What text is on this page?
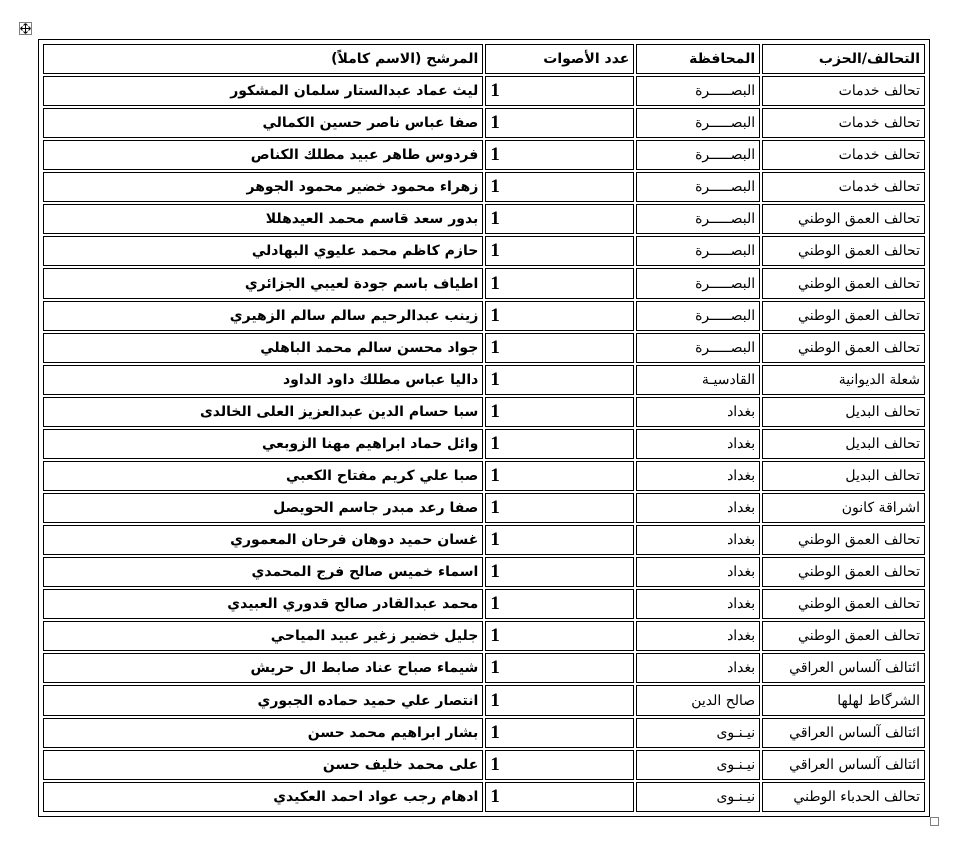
التحالف/الحزب	المحافظة	عدد الأصوات	المرشح (الاسم كاملاً)
تحالف خدمات	البصـــــرة	1	ليث عماد عبدالستار سلمان المشكور
تحالف خدمات	البصـــــرة	1	صفا عباس ناصر حسين الكمالي
تحالف خدمات	البصـــــرة	1	فردوس طاهر عبيد مطلك الكناص
تحالف خدمات	البصـــــرة	1	زهراء محمود خضير محمود الجوهر
تحالف العمق الوطني	البصـــــرة	1	بدور سعد قاسم محمد العيدهللا
تحالف العمق الوطني	البصـــــرة	1	حازم كاظم محمد عليوي البهادلي
تحالف العمق الوطني	البصـــــرة	1	اطياف باسم جودة لعيبي الجزائري
تحالف العمق الوطني	البصـــــرة	1	زينب عبدالرحيم سالم سالم الزهيري
تحالف العمق الوطني	البصـــــرة	1	جواد محسن سالم محمد الباهلي
شعلة الديوانية	القادسيـة	1	داليا عباس مطلك داود الداود
تحالف البديل	بغداد	1	سبا حسام الدين عبدالعزيز العلى الخالدى
تحالف البديل	بغداد	1	وائل حماد ابراهيم مهنا الزوبعي
تحالف البديل	بغداد	1	صبا علي كريم مفتاح الكعبي
اشراقة كانون	بغداد	1	صفا رعد مبدر جاسم الحويصل
تحالف العمق الوطني	بغداد	1	غسان حميد دوهان فرحان المعموري
تحالف العمق الوطني	بغداد	1	اسماء خميس صالح فرج المحمدي
تحالف العمق الوطني	بغداد	1	محمد عبدالقادر صالح قدوري العبيدي
تحالف العمق الوطني	بغداد	1	جليل خضير زغير عبيد المياحي
ائتالف آلساس العراقي	بغداد	1	شيماء صباح عناد صابط ال حريش
الشرگاط لهلها	صالح الدين	1	انتصار علي حميد حماده الجبوري
ائتالف آلساس العراقي	نيـنـوى	1	بشار ابراهيم محمد حسن
ائتالف آلساس العراقي	نيـنـوى	1	على محمد خليف حسن
تحالف الحدباء الوطني	نيـنـوى	1	ادهام رجب عواد احمد العكيدي
